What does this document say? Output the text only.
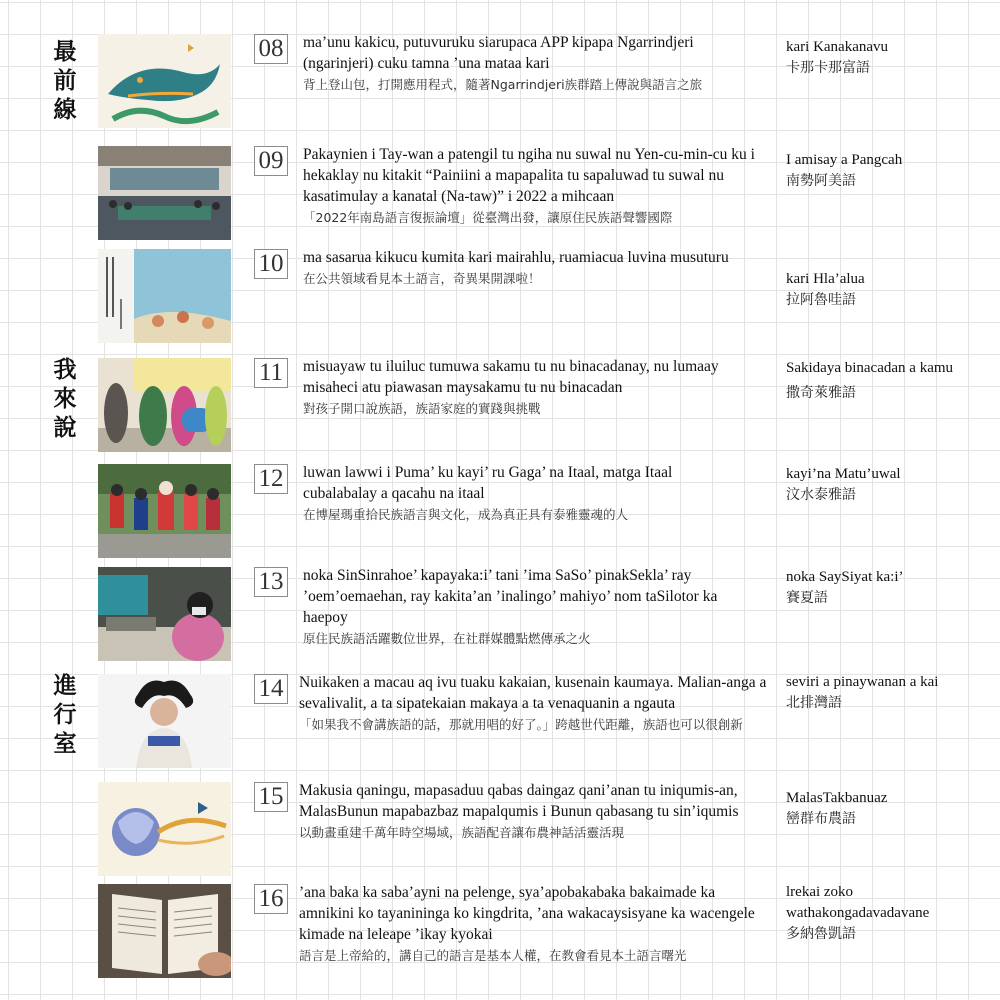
最
前
線
我
來
說
進
行
室
08 ma’unu kakicu, putuvuruku siarupaca APP kipapa Ngarrindjeri (ngarinjeri) cuku tamna ’una mataa kari

背上登山包，打開應用程式，隨著Ngarrindjeri族群踏上傳說與語言之旅

kari Kanakanavu

卡那卡那富語

09 Pakaynien i Tay-wan a patengil tu ngiha nu suwal nu Yen-cu-min-cu ku i hekaklay nu kitakit “Painiini a mapapalita tu sapaluwad tu suwal nu kasatimulay a kanatal (Na-taw)” i 2022 a mihcaan

「2022年南島語言復振論壇」從臺灣出發，讓原住民族語聲響國際

I amisay a Pangcah

南勢阿美語

10 ma sasarua kikucu kumita kari mairahlu, ruamiacua luvina musuturu

在公共領域看見本土語言，奇異果開課啦！	kari Hla’alua

拉阿魯哇語

11	misuayaw tu iluiluc tumuwa sakamu tu nu binacadanay, nu lumaay misaheci atu piawasan maysakamu tu nu binacadan

對孩子開口說族語，族語家庭的實踐與挑戰

Sakidaya binacadan a kamu

撒奇萊雅語

12 luwan lawwi i Puma’ ku kayi’ ru Gaga’ na Itaal, matga Itaal cubalabalay a qacahu na itaal

在博屋瑪重拾民族語言與文化，成為真正具有泰雅靈魂的人

kayi’na Matu’uwal

汶水泰雅語

13 noka SinSinrahoe’ kapayaka:i’ tani ’ima SaSo’ pinakSekla’ ray ’oem’oemaehan, ray kakita’an ’inalingo’ mahiyo’ nom taSilotor ka haepoy

原住民族語活躍數位世界，在社群媒體點燃傳承之火

noka SaySiyat ka:i’

賽夏語

14 Nuikaken a macau aq ivu tuaku kakaian, kusenain kaumaya. Malian-anga a sevalivalit, a ta sipatekaian makaya a ta venaquanin a ngauta

「如果我不會講族語的話，那就用唱的好了。」跨越世代距離，族語也可以很創新

seviri a pinaywanan a kai

北排灣語

15 Makusia qaningu, mapasaduu qabas daingaz qani’anan tu iniqumis-an, MalasBunun mapabazbaz mapalqumis i Bunun qabasang tu sin’iqumis

以動畫重建千萬年時空場域，族語配音讓布農神話活靈活現

MalasTakbanuaz

巒群布農語

16 ’ana baka ka saba’ayni na pelenge, sya’apobakabaka bakaimade ka amnikini ko tayanininga ko kingdrita, ’ana wakacaysisyane ka wacengele kimade na leleape ’ikay kyokai

語言是上帝給的，講自己的語言是基本人權，在教會看見本土語言曙光

lrekai zoko wathakongadavadavane

多納魯凱語
